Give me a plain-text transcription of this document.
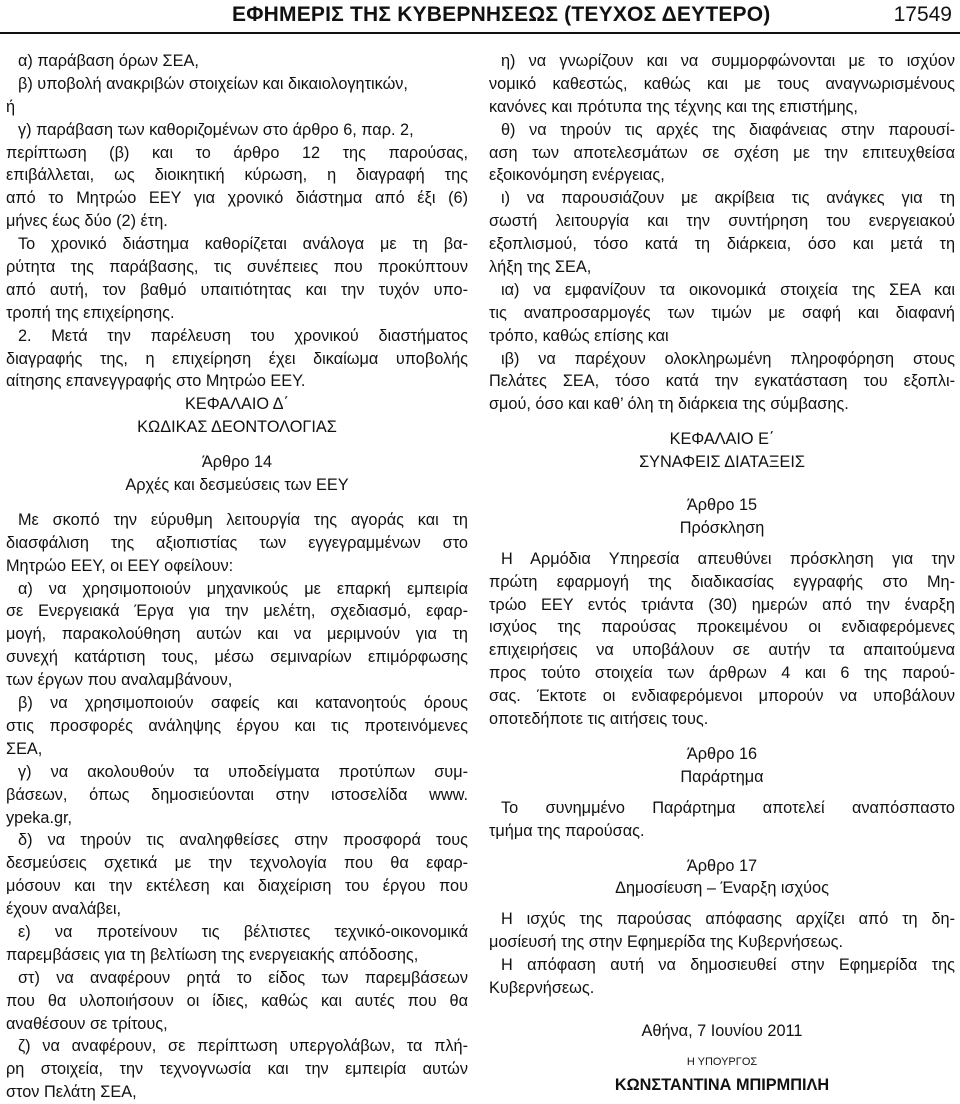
ΕΦΗΜΕΡΙΣ ΤΗΣ ΚΥΒΕΡΝΗΣΕΩΣ (ΤΕΥΧΟΣ ΔΕΥΤΕΡΟ)	17549
α) παράβαση όρων ΣΕΑ,
β) υποβολή ανακριβών στοιχείων και δικαιολογητικών,
ή
γ) παράβαση των καθοριζομένων στο άρθρο 6, παρ. 2,
περίπτωση (β) και το άρθρο 12 της παρούσας,
επιβάλλεται, ως διοικητική κύρωση, η διαγραφή της
από το Μητρώο ΕΕΥ για χρονικό διάστημα από έξι (6)
μήνες έως δύο (2) έτη.
Το χρονικό διάστημα καθορίζεται ανάλογα με τη βα-
ρύτητα της παράβασης, τις συνέπειες που προκύπτουν
από αυτή, τον βαθμό υπαιτιότητας και την τυχόν υπο-
τροπή της επιχείρησης.
2. Μετά την παρέλευση του χρονικού διαστήματος
διαγραφής της, η επιχείρηση έχει δικαίωμα υποβολής
αίτησης επανεγγραφής στο Μητρώο ΕΕΥ.
ΚΕΦΑΛΑΙΟ Δ΄
ΚΩΔΙΚΑΣ ΔΕΟΝΤΟΛΟΓΙΑΣ
Άρθρο 14
Αρχές και δεσμεύσεις των ΕΕΥ
Με σκοπό την εύρυθμη λειτουργία της αγοράς και τη
διασφάλιση της αξιοπιστίας των εγγεγραμμένων στο
Μητρώο ΕΕΥ, οι ΕΕΥ οφείλουν:
α) να χρησιμοποιούν μηχανικούς με επαρκή εμπειρία
σε Ενεργειακά Έργα για την μελέτη, σχεδιασμό, εφαρ-
μογή, παρακολούθηση αυτών και να μεριμνούν για τη
συνεχή κατάρτιση τους, μέσω σεμιναρίων επιμόρφωσης
των έργων που αναλαμβάνουν,
β) να χρησιμοποιούν σαφείς και κατανοητούς όρους
στις προσφορές ανάληψης έργου και τις προτεινόμενες
ΣΕΑ,
γ) να ακολουθούν τα υποδείγματα προτύπων συμ-
βάσεων, όπως δημοσιεύονται στην ιστοσελίδα www.
ypeka.gr,
δ) να τηρούν τις αναληφθείσες στην προσφορά τους
δεσμεύσεις σχετικά με την τεχνολογία που θα εφαρ-
μόσουν και την εκτέλεση και διαχείριση του έργου που
έχουν αναλάβει,
ε) να προτείνουν τις βέλτιστες τεχνικό-οικονομικά
παρεμβάσεις για τη βελτίωση της ενεργειακής απόδοσης,
στ) να αναφέρουν ρητά το είδος των παρεμβάσεων
που θα υλοποιήσουν οι ίδιες, καθώς και αυτές που θα
αναθέσουν σε τρίτους,
ζ) να αναφέρουν, σε περίπτωση υπεργολάβων, τα πλή-
ρη στοιχεία, την τεχνογνωσία και την εμπειρία αυτών
στον Πελάτη ΣΕΑ,
η) να γνωρίζουν και να συμμορφώνονται με το ισχύον
νομικό καθεστώς, καθώς και με τους αναγνωρισμένους
κανόνες και πρότυπα της τέχνης και της επιστήμης,
θ) να τηρούν τις αρχές της διαφάνειας στην παρουσί-
αση των αποτελεσμάτων σε σχέση με την επιτευχθείσα
εξοικονόμηση ενέργειας,
ι) να παρουσιάζουν με ακρίβεια τις ανάγκες για τη
σωστή λειτουργία και την συντήρηση του ενεργειακού
εξοπλισμού, τόσο κατά τη διάρκεια, όσο και μετά τη
λήξη της ΣΕΑ,
ια) να εμφανίζουν τα οικονομικά στοιχεία της ΣΕΑ και
τις αναπροσαρμογές των τιμών με σαφή και διαφανή
τρόπο, καθώς επίσης και
ιβ) να παρέχουν ολοκληρωμένη πληροφόρηση στους
Πελάτες ΣΕΑ, τόσο κατά την εγκατάσταση του εξοπλι-
σμού, όσο και καθ’ όλη τη διάρκεια της σύμβασης.
ΚΕΦΑΛΑΙΟ Ε΄
ΣΥΝΑΦΕΙΣ ΔΙΑΤΑΞΕΙΣ
Άρθρο 15
Πρόσκληση
Η Αρμόδια Υπηρεσία απευθύνει πρόσκληση για την
πρώτη εφαρμογή της διαδικασίας εγγραφής στο Μη-
τρώο ΕΕΥ εντός τριάντα (30) ημερών από την έναρξη
ισχύος της παρούσας προκειμένου οι ενδιαφερόμενες
επιχειρήσεις να υποβάλουν σε αυτήν τα απαιτούμενα
προς τούτο στοιχεία των άρθρων 4 και 6 της παρού-
σας. Έκτοτε οι ενδιαφερόμενοι μπορούν να υποβάλουν
οποτεδήποτε τις αιτήσεις τους.
Άρθρο 16
Παράρτημα
Το συνημμένο Παράρτημα αποτελεί αναπόσπαστο
τμήμα της παρούσας.
Άρθρο 17
Δημοσίευση – Έναρξη ισχύος
Η ισχύς της παρούσας απόφασης αρχίζει από τη δη-
μοσίευσή της στην Εφημερίδα της Κυβερνήσεως.
Η απόφαση αυτή να δημοσιευθεί στην Εφημερίδα της
Κυβερνήσεως.
Αθήνα, 7 Ιουνίου 2011
Η ΥΠΟΥΡΓΟΣ
ΚΩΝΣΤΑΝΤΙΝΑ ΜΠΙΡΜΠΙΛΗ
